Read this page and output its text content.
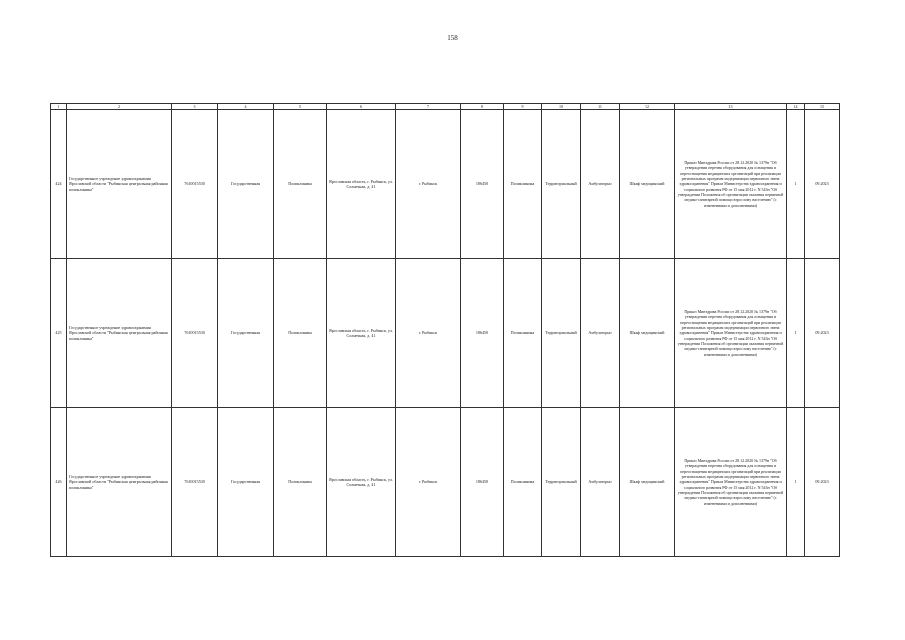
158
1	2	3	4	5	6	7	8	9	10	11	12	13	14	15
424	Государственное учреждение здравоохранения Ярославской области "Рыбинская центральная районная поликлиника"	7610015530	Государственная	Поликлиника	Ярославская область, г. Рыбинск, ул. Солнечная, д. 41	г. Рыбинск	186450	Поликлиника	Территориальный	Амбулаторно	Шкаф медицинский	Приказ Минздрава России от 28.12.2020 № 1379н "Об утверждении перечня оборудования для оснащения и переоснащения медицинских организаций при реализации региональных программ модернизации первичного звена здравоохранения" Приказ Министерства здравоохранения и социального развития РФ от 15 мая 2012 г. N 543н "Об утверждении Положения об организации оказания первичной медико-санитарной помощи взрослому населению" (с изменениями и дополнениями)	1	09.2023
425	Государственное учреждение здравоохранения Ярославской области "Рыбинская центральная районная поликлиника"	7610015530	Государственная	Поликлиника	Ярославская область, г. Рыбинск, ул. Солнечная, д. 41	г. Рыбинск	186450	Поликлиника	Территориальный	Амбулаторно	Шкаф медицинский	Приказ Минздрава России от 28.12.2020 № 1379н "Об утверждении перечня оборудования для оснащения и переоснащения медицинских организаций при реализации региональных программ модернизации первичного звена здравоохранения" Приказ Министерства здравоохранения и социального развития РФ от 15 мая 2012 г. N 543н "Об утверждении Положения об организации оказания первичной медико-санитарной помощи взрослому населению" (с изменениями и дополнениями)	1	09.2023
426	Государственное учреждение здравоохранения Ярославской области "Рыбинская центральная районная поликлиника"	7610015530	Государственная	Поликлиника	Ярославская область, г. Рыбинск, ул. Солнечная, д. 41	г. Рыбинск	186450	Поликлиника	Территориальный	Амбулаторно	Шкаф медицинский	Приказ Минздрава России от 28.12.2020 № 1379н "Об утверждении перечня оборудования для оснащения и переоснащения медицинских организаций при реализации региональных программ модернизации первичного звена здравоохранения" Приказ Министерства здравоохранения и социального развития РФ от 15 мая 2012 г. N 543н "Об утверждении Положения об организации оказания первичной медико-санитарной помощи взрослому населению" (с изменениями и дополнениями)	1	09.2023
